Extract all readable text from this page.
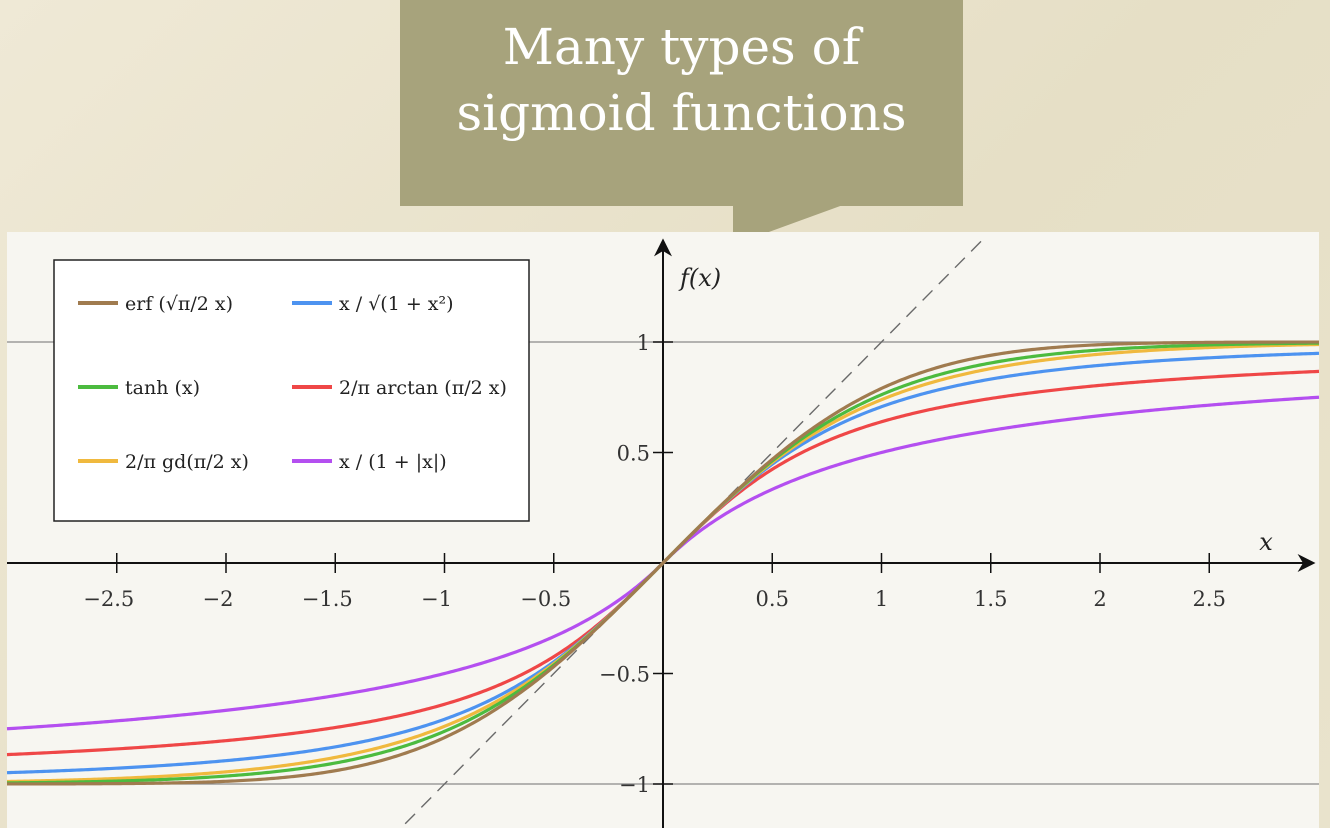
Many types of
sigmoid functions
−2.5	−2	−1.5	−1	−0.5	0.5	1	1.5	2	2.5
−1
−0.5
0.5
1
x
f(x)
erf (√π/2 x)	x / √(1 + x²)
tanh (x)	2/π arctan (π/2 x)
2/π gd(π/2 x)	x / (1 + |x|)
